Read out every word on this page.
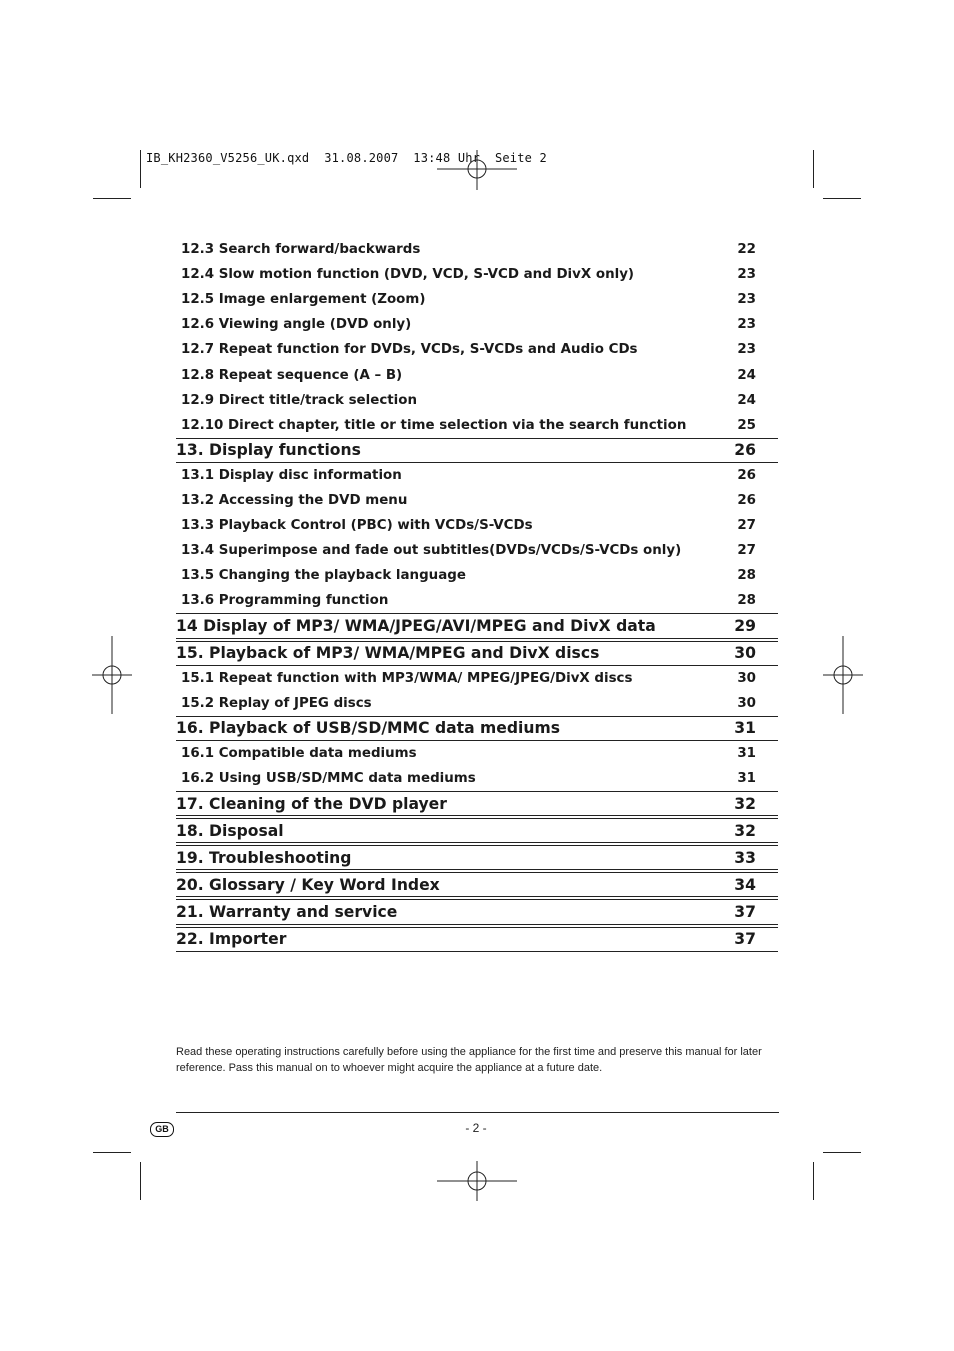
IB_KH2360_V5256_UK.qxd  31.08.2007  13:48 Uhr  Seite 2
12.3 Search forward/backwards	22
12.4 Slow motion function (DVD, VCD, S-VCD and DivX only)	23
12.5 Image enlargement (Zoom)	23
12.6 Viewing angle (DVD only)	23
12.7 Repeat function for DVDs, VCDs, S-VCDs and Audio CDs	23
12.8 Repeat sequence (A – B)	24
12.9 Direct title/track selection	24
12.10 Direct chapter, title or time selection via the search function	25
13. Display functions	26
13.1 Display disc information	26
13.2 Accessing the DVD menu	26
13.3 Playback Control (PBC) with VCDs/S-VCDs	27
13.4 Superimpose and fade out subtitles(DVDs/VCDs/S-VCDs only)	27
13.5 Changing the playback language	28
13.6 Programming function	28
14 Display of MP3/ WMA/JPEG/AVI/MPEG and DivX data	29
15. Playback of MP3/ WMA/MPEG and DivX discs	30
15.1 Repeat function with MP3/WMA/ MPEG/JPEG/DivX discs	30
15.2 Replay of JPEG discs	30
16. Playback of USB/SD/MMC data mediums	31
16.1 Compatible data mediums	31
16.2 Using USB/SD/MMC data mediums	31
17. Cleaning of the DVD player	32
18. Disposal	32
19. Troubleshooting	33
20. Glossary / Key Word Index	34
21. Warranty and service	37
22. Importer	37
Read these operating instructions carefully before using the appliance for the first time and preserve this manual for later reference. Pass this manual on to whoever might acquire the appliance at a future date.
GB	- 2 -
